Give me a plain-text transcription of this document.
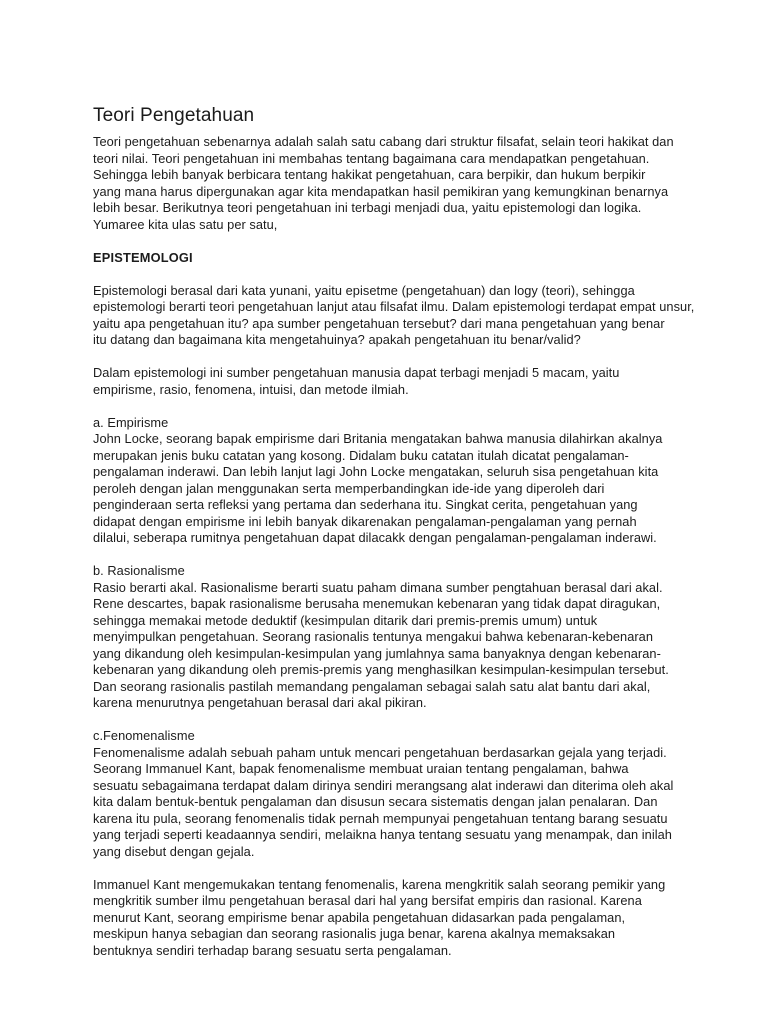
Teori Pengetahuan

Teori pengetahuan sebenarnya adalah salah satu cabang dari struktur filsafat, selain teori hakikat dan
teori nilai. Teori pengetahuan ini membahas tentang bagaimana cara mendapatkan pengetahuan.
Sehingga lebih banyak berbicara tentang hakikat pengetahuan, cara berpikir, dan hukum berpikir
yang mana harus dipergunakan agar kita mendapatkan hasil pemikiran yang kemungkinan benarnya
lebih besar. Berikutnya teori pengetahuan ini terbagi menjadi dua, yaitu epistemologi dan logika.
Yumaree kita ulas satu per satu,

EPISTEMOLOGI

Epistemologi berasal dari kata yunani, yaitu episetme (pengetahuan) dan logy (teori), sehingga
epistemologi berarti teori pengetahuan lanjut atau filsafat ilmu. Dalam epistemologi terdapat empat unsur,
yaitu apa pengetahuan itu? apa sumber pengetahuan tersebut? dari mana pengetahuan yang benar
itu datang dan bagaimana kita mengetahuinya? apakah pengetahuan itu benar/valid?

Dalam epistemologi ini sumber pengetahuan manusia dapat terbagi menjadi 5 macam, yaitu
empirisme, rasio, fenomena, intuisi, dan metode ilmiah.

a. Empirisme

John Locke, seorang bapak empirisme dari Britania mengatakan bahwa manusia dilahirkan akalnya
merupakan jenis buku catatan yang kosong. Didalam buku catatan itulah dicatat pengalaman-
pengalaman inderawi. Dan lebih lanjut lagi John Locke mengatakan, seluruh sisa pengetahuan kita
peroleh dengan jalan menggunakan serta memperbandingkan ide-ide yang diperoleh dari
penginderaan serta refleksi yang pertama dan sederhana itu. Singkat cerita, pengetahuan yang
didapat dengan empirisme ini lebih banyak dikarenakan pengalaman-pengalaman yang pernah
dilalui, seberapa rumitnya pengetahuan dapat dilacakk dengan pengalaman-pengalaman inderawi.

b. Rasionalisme

Rasio berarti akal. Rasionalisme berarti suatu paham dimana sumber pengtahuan berasal dari akal.
Rene descartes, bapak rasionalisme berusaha menemukan kebenaran yang tidak dapat diragukan,
sehingga memakai metode deduktif (kesimpulan ditarik dari premis-premis umum) untuk
menyimpulkan pengetahuan. Seorang rasionalis tentunya mengakui bahwa kebenaran-kebenaran
yang dikandung oleh kesimpulan-kesimpulan yang jumlahnya sama banyaknya dengan kebenaran-
kebenaran yang dikandung oleh premis-premis yang menghasilkan kesimpulan-kesimpulan tersebut.
Dan seorang rasionalis pastilah memandang pengalaman sebagai salah satu alat bantu dari akal,
karena menurutnya pengetahuan berasal dari akal pikiran.

c.Fenomenalisme

Fenomenalisme adalah sebuah paham untuk mencari pengetahuan berdasarkan gejala yang terjadi.
Seorang Immanuel Kant, bapak fenomenalisme membuat uraian tentang pengalaman, bahwa
sesuatu sebagaimana terdapat dalam dirinya sendiri merangsang alat inderawi dan diterima oleh akal
kita dalam bentuk-bentuk pengalaman dan disusun secara sistematis dengan jalan penalaran. Dan
karena itu pula, seorang fenomenalis tidak pernah mempunyai pengetahuan tentang barang sesuatu
yang terjadi seperti keadaannya sendiri, melaikna hanya tentang sesuatu yang menampak, dan inilah
yang disebut dengan gejala.

Immanuel Kant mengemukakan tentang fenomenalis, karena mengkritik salah seorang pemikir yang
mengkritik sumber ilmu pengetahuan berasal dari hal yang bersifat empiris dan rasional. Karena
menurut Kant, seorang empirisme benar apabila pengetahuan didasarkan pada pengalaman,
meskipun hanya sebagian dan seorang rasionalis juga benar, karena akalnya memaksakan
bentuknya sendiri terhadap barang sesuatu serta pengalaman.
